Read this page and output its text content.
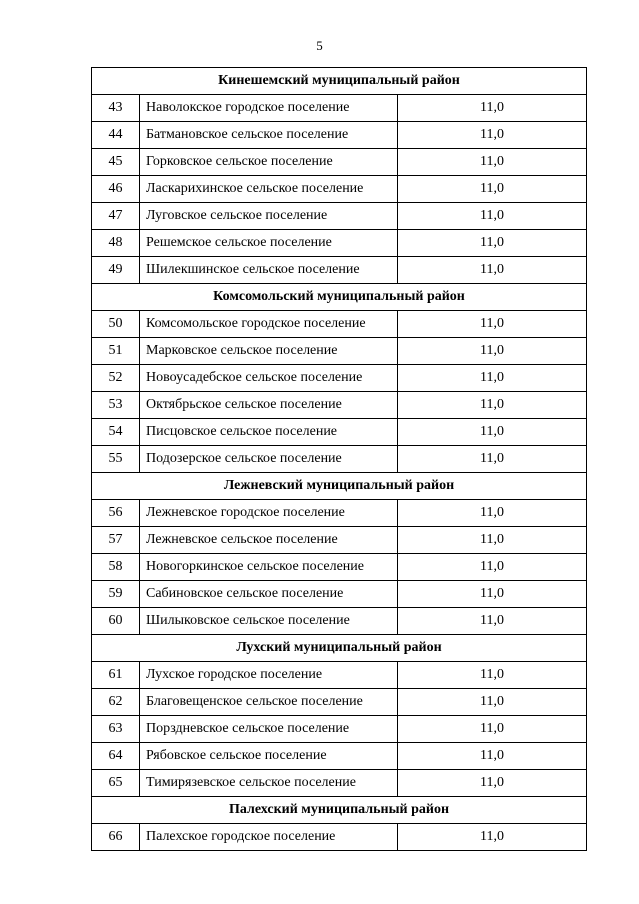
5
Кинешемский муниципальный район		
43	Наволокское городское поселение	11,0
44	Батмановское сельское поселение	11,0
45	Горковское сельское поселение	11,0
46	Ласкарихинское сельское поселение	11,0
47	Луговское сельское поселение	11,0
48	Решемское сельское поселение	11,0
49	Шилекшинское сельское поселение	11,0
Комсомольский муниципальный район		
50	Комсомольское городское поселение	11,0
51	Марковское сельское поселение	11,0
52	Новоусадебское сельское поселение	11,0
53	Октябрьское сельское поселение	11,0
54	Писцовское сельское поселение	11,0
55	Подозерское сельское поселение	11,0
Лежневский муниципальный район		
56	Лежневское городское поселение	11,0
57	Лежневское сельское поселение	11,0
58	Новогоркинское сельское поселение	11,0
59	Сабиновское сельское поселение	11,0
60	Шилыковское сельское поселение	11,0
Лухский муниципальный район		
61	Лухское городское поселение	11,0
62	Благовещенское сельское поселение	11,0
63	Порздневское сельское поселение	11,0
64	Рябовское сельское поселение	11,0
65	Тимирязевское сельское поселение	11,0
Палехский муниципальный район		
66	Палехское городское поселение	11,0
